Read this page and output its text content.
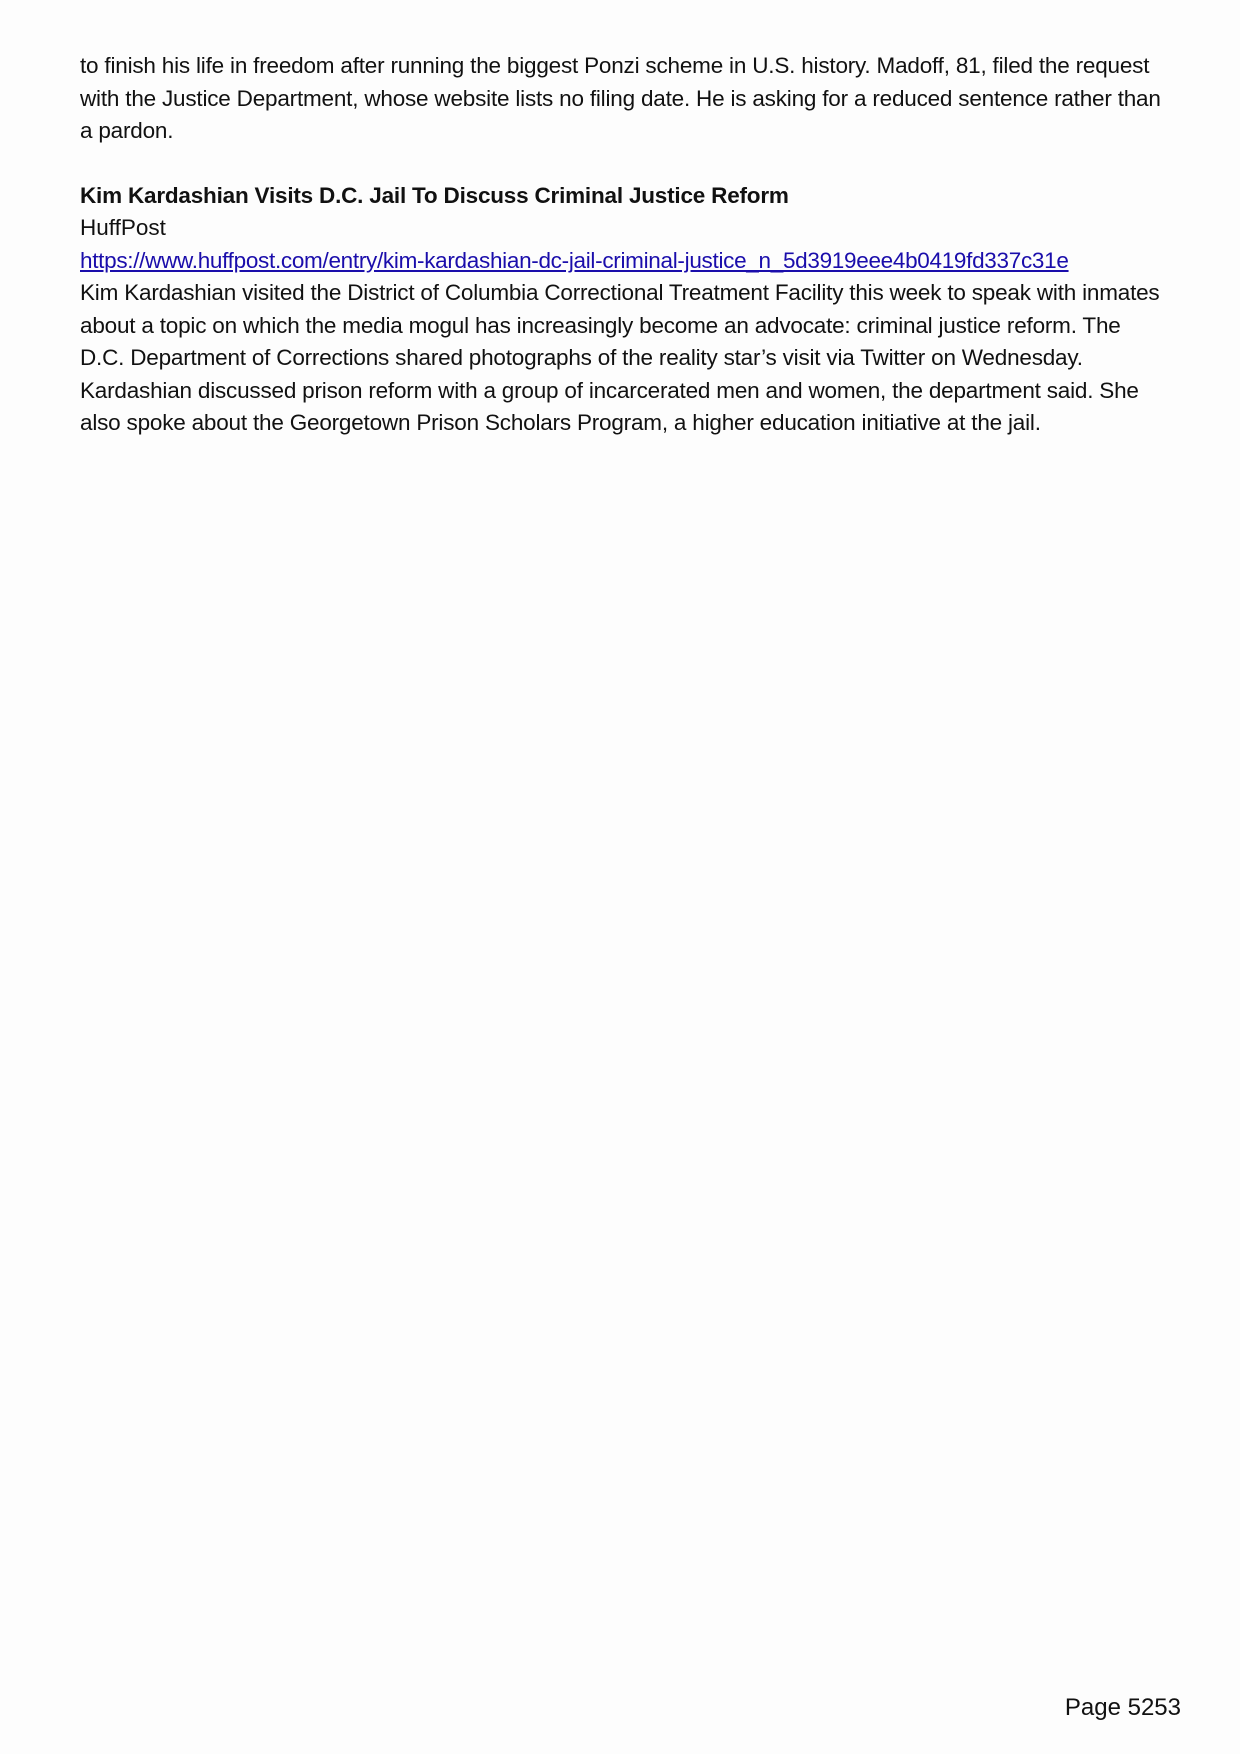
to finish his life in freedom after running the biggest Ponzi scheme in U.S. history. Madoff, 81, filed the request with the Justice Department, whose website lists no filing date. He is asking for a reduced sentence rather than a pardon.

Kim Kardashian Visits D.C. Jail To Discuss Criminal Justice Reform

HuffPost

https://www.huffpost.com/entry/kim-kardashian-dc-jail-criminal-justice_n_5d3919eee4b0419fd337c31e

Kim Kardashian visited the District of Columbia Correctional Treatment Facility this week to speak with inmates about a topic on which the media mogul has increasingly become an advocate: criminal justice reform. The D.C. Department of Corrections shared photographs of the reality star’s visit via Twitter on Wednesday. Kardashian discussed prison reform with a group of incarcerated men and women, the department said. She also spoke about the Georgetown Prison Scholars Program, a higher education initiative at the jail.

Page 5253
